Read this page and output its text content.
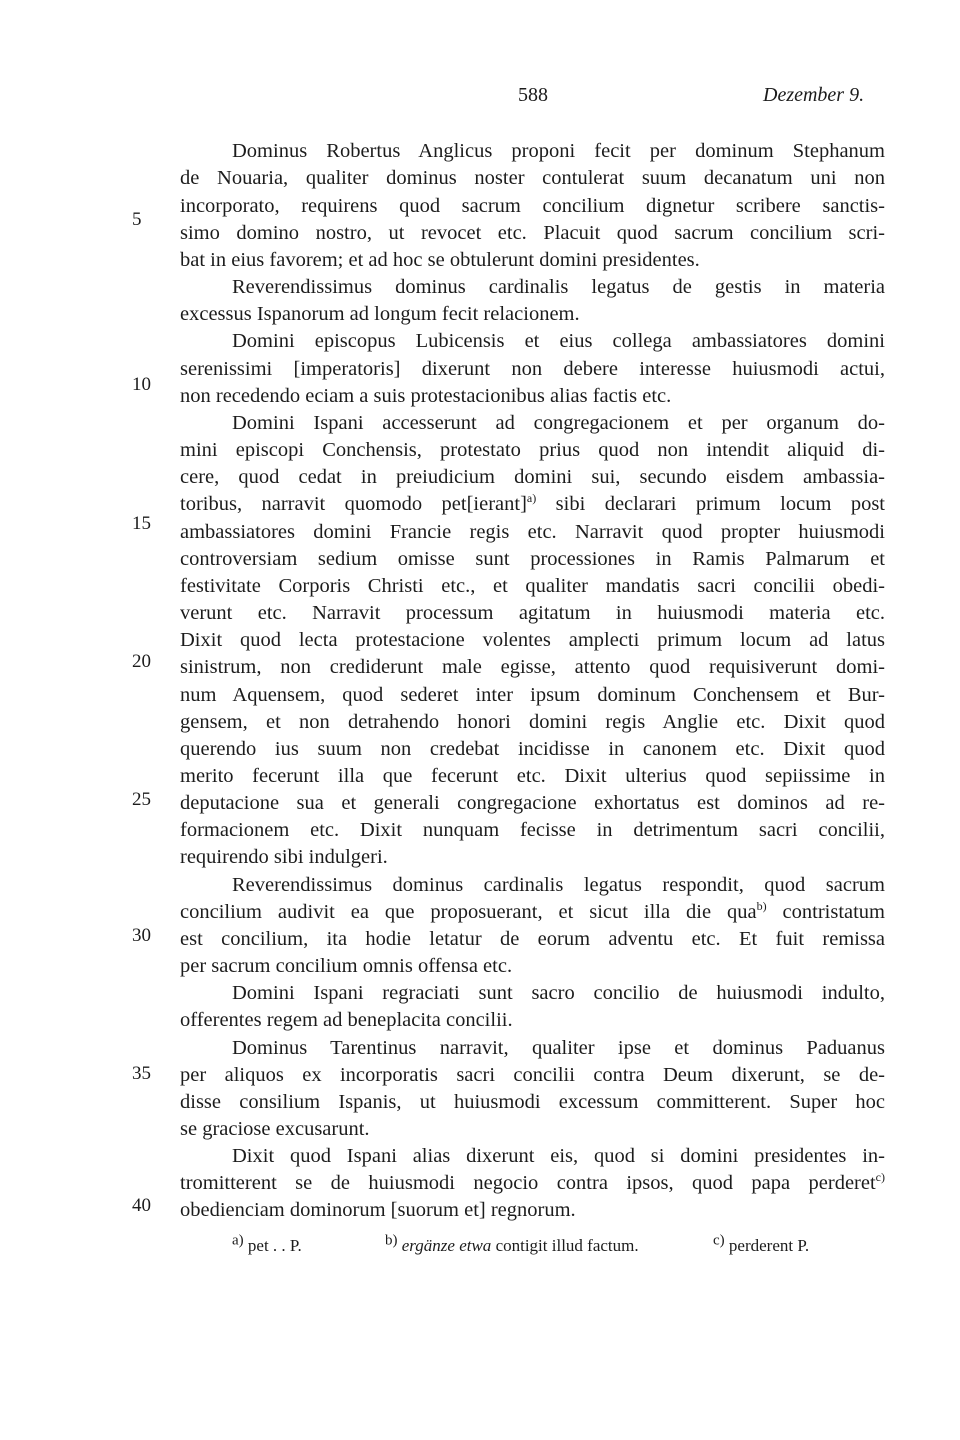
588	Dezember 9.
5
10
15
20
25
30
35
40
Dominus Robertus Anglicus proponi fecit per dominum Stephanum
de Nouaria, qualiter dominus noster contulerat suum decanatum uni non
incorporato, requirens quod sacrum concilium dignetur scribere sanctis-
simo domino nostro, ut revocet etc. Placuit quod sacrum concilium scri-
bat in eius favorem; et ad hoc se obtulerunt domini presidentes.
Reverendissimus dominus cardinalis legatus de gestis in materia
excessus Ispanorum ad longum fecit relacionem.
Domini episcopus Lubicensis et eius collega ambassiatores domini
serenissimi [imperatoris] dixerunt non debere interesse huiusmodi actui,
non recedendo eciam a suis protestacionibus alias factis etc.
Domini Ispani accesserunt ad congregacionem et per organum do-
mini episcopi Conchensis, protestato prius quod non intendit aliquid di-
cere, quod cedat in preiudicium domini sui, secundo eisdem ambassia-
toribus, narravit quomodo pet[ierant]$^{a)}$ sibi declarari primum locum post
ambassiatores domini Francie regis etc. Narravit quod propter huiusmodi
controversiam sedium omisse sunt processiones in Ramis Palmarum et
festivitate Corporis Christi etc., et qualiter mandatis sacri concilii obedi-
verunt etc. Narravit processum agitatum in huiusmodi materia etc.
Dixit quod lecta protestacione volentes amplecti primum locum ad latus
sinistrum, non crediderunt male egisse, attento quod requisiverunt domi-
num Aquensem, quod sederet inter ipsum dominum Conchensem et Bur-
gensem, et non detrahendo honori domini regis Anglie etc. Dixit quod
querendo ius suum non credebat incidisse in canonem etc. Dixit quod
merito fecerunt illa que fecerunt etc. Dixit ulterius quod sepiissime in
deputacione sua et generali congregacione exhortatus est dominos ad re-
formacionem etc. Dixit nunquam fecisse in detrimentum sacri concilii,
requirendo sibi indulgeri.
Reverendissimus dominus cardinalis legatus respondit, quod sacrum
concilium audivit ea que proposuerant, et sicut illa die qua$^{b)}$ contristatum
est concilium, ita hodie letatur de eorum adventu etc. Et fuit remissa
per sacrum concilium omnis offensa etc.
Domini Ispani regraciati sunt sacro concilio de huiusmodi indulto,
offerentes regem ad beneplacita concilii.
Dominus Tarentinus narravit, qualiter ipse et dominus Paduanus
per aliquos ex incorporatis sacri concilii contra Deum dixerunt, se de-
disse consilium Ispanis, ut huiusmodi excessum committerent. Super hoc
se graciose excusarunt.
Dixit quod Ispani alias dixerunt eis, quod si domini presidentes in-
tromitterent se de huiusmodi negocio contra ipsos, quod papa perderet$^{c)}$
obedienciam dominorum [suorum et] regnorum.
$^{a)}$ pet . . P.	$^{b)}$ ergänze etwa contigit illud factum.	$^{c)}$ perderent P.
